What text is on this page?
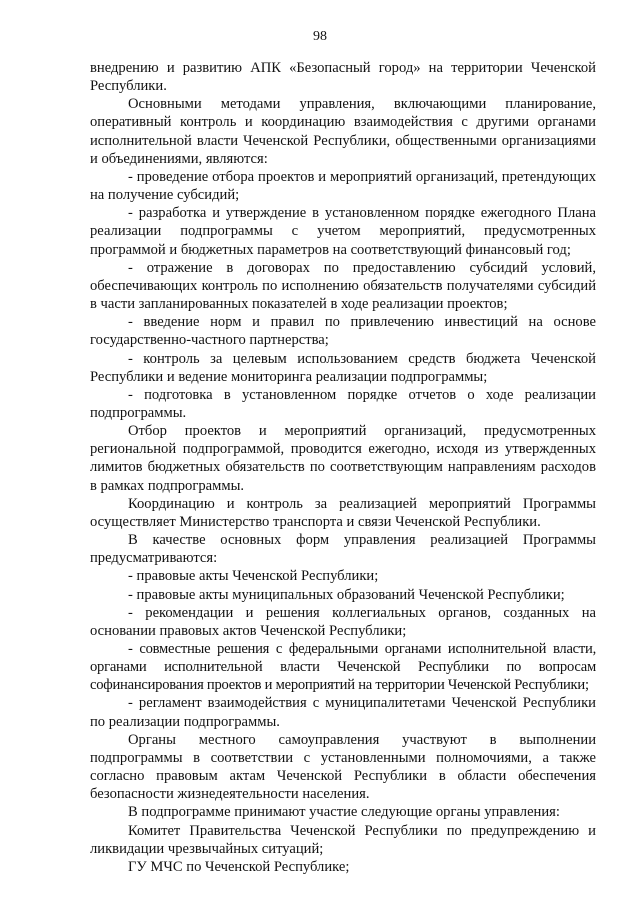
98

внедрению и развитию АПК «Безопасный город» на территории Чеченской Республики.

Основными методами управления, включающими планирование, оперативный контроль и координацию взаимодействия с другими органами исполнительной власти Чеченской Республики, общественными организациями и объединениями, являются:

- проведение отбора проектов и мероприятий организаций, претендующих на получение субсидий;

- разработка и утверждение в установленном порядке ежегодного Плана реализации подпрограммы с учетом мероприятий, предусмотренных программой и бюджетных параметров на соответствующий финансовый год;

- отражение в договорах по предоставлению субсидий условий, обеспечивающих контроль по исполнению обязательств получателями субсидий в части запланированных показателей в ходе реализации проектов;

- введение норм и правил по привлечению инвестиций на основе государственно-частного партнерства;

- контроль за целевым использованием средств бюджета Чеченской Республики и ведение мониторинга реализации подпрограммы;

- подготовка в установленном порядке отчетов о ходе реализации подпрограммы.

Отбор проектов и мероприятий организаций, предусмотренных региональной подпрограммой, проводится ежегодно, исходя из утвержденных лимитов бюджетных обязательств по соответствующим направлениям расходов в рамках подпрограммы.

Координацию и контроль за реализацией мероприятий Программы осуществляет Министерство транспорта и связи Чеченской Республики.

В качестве основных форм управления реализацией Программы предусматриваются:

- правовые акты Чеченской Республики;

- правовые акты муниципальных образований Чеченской Республики;

- рекомендации и решения коллегиальных органов, созданных на основании правовых актов Чеченской Республики;

- совместные решения с федеральными органами исполнительной власти, органами исполнительной власти Чеченской Республики по вопросам софинансирования проектов и мероприятий на территории Чеченской Республики;

- регламент взаимодействия с муниципалитетами Чеченской Республики по реализации подпрограммы.

Органы местного самоуправления участвуют в выполнении подпрограммы в соответствии с установленными полномочиями, а также согласно правовым актам Чеченской Республики в области обеспечения безопасности жизнедеятельности населения.

В подпрограмме принимают участие следующие органы управления:

Комитет Правительства Чеченской Республики по предупреждению и ликвидации чрезвычайных ситуаций;

ГУ МЧС по Чеченской Республике;
